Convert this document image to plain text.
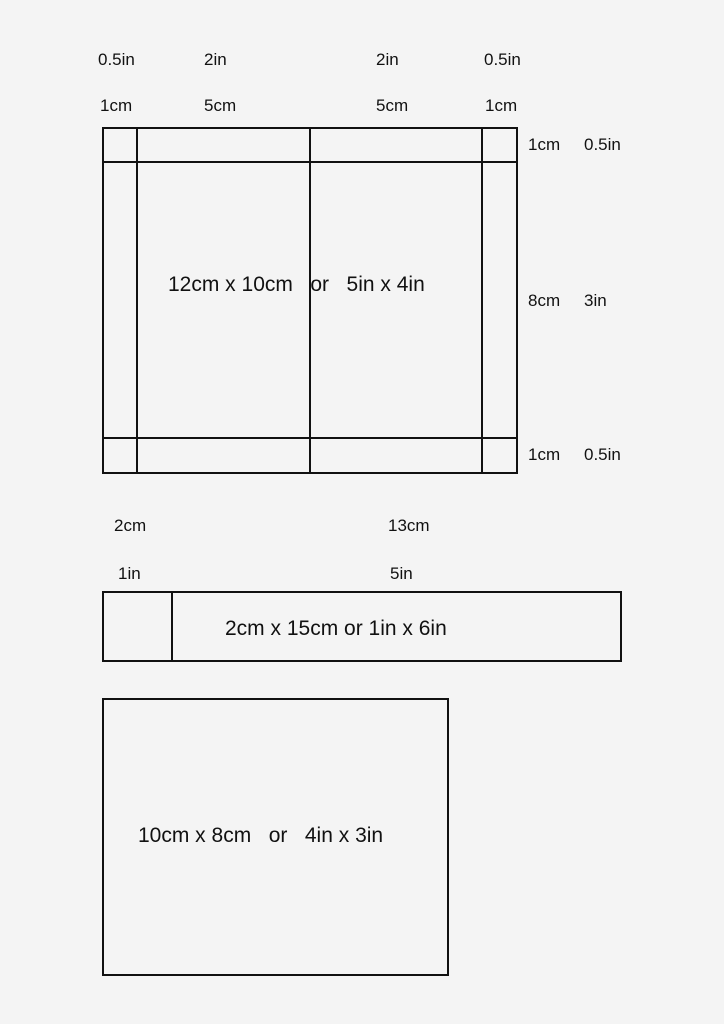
0.5in	2in	2in	0.5in
1cm	5cm	5cm	1cm
1cm 0.5in
8cm 3in
1cm 0.5in
12cm x 10cm   or   5in x 4in
2cm	13cm
1in	5in
2cm x 15cm or 1in x 6in
10cm x 8cm   or   4in x 3in
